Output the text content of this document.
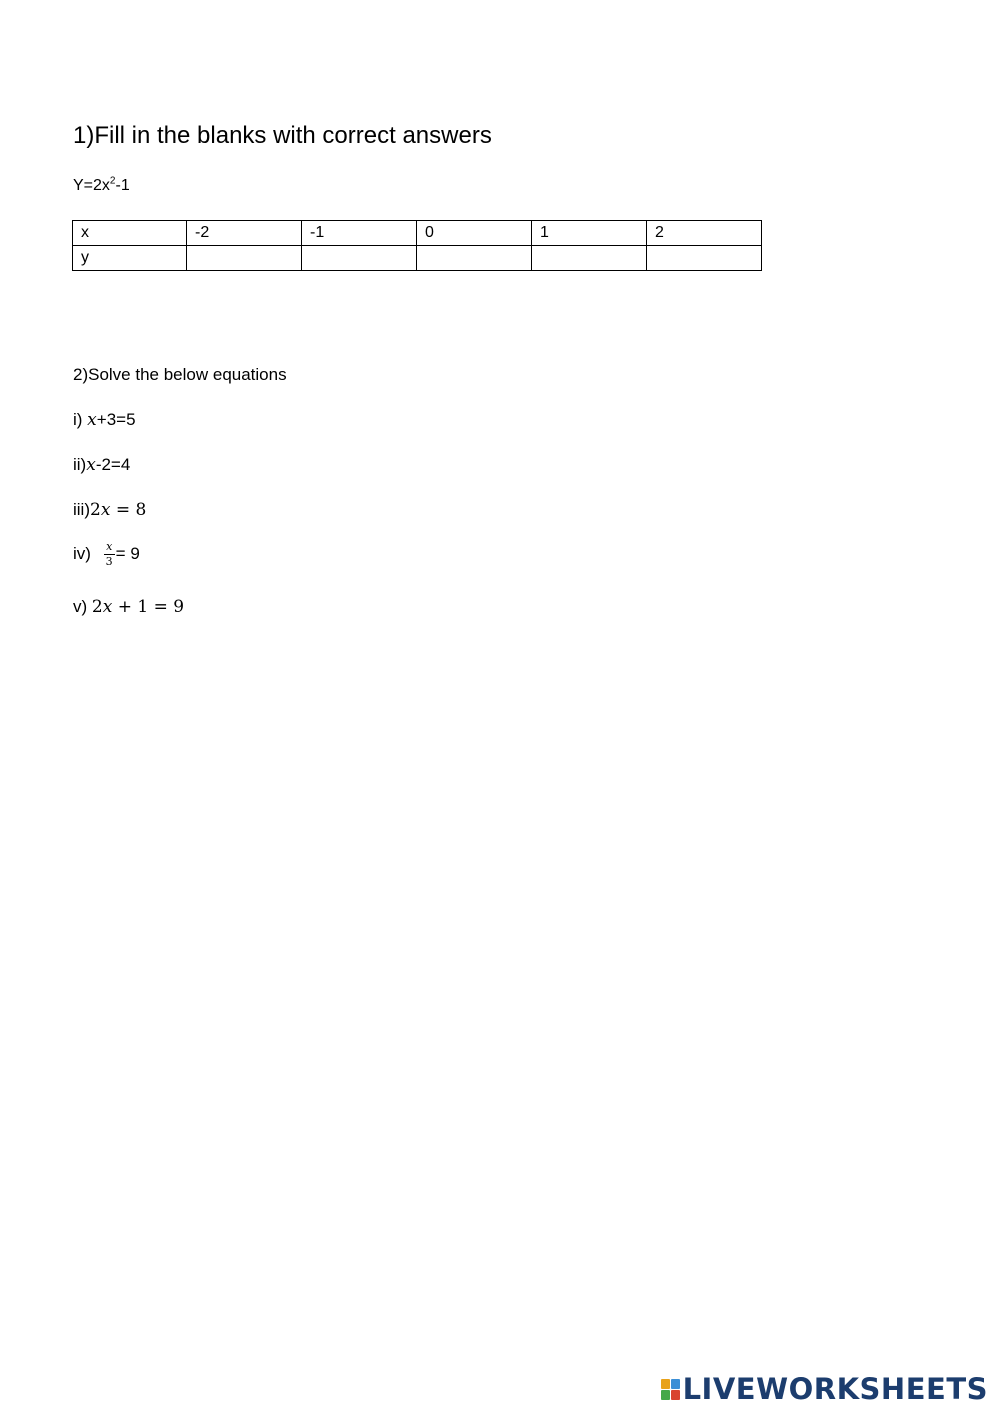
1)Fill in the blanks with correct answers
$Y=2x^2-1$
x	-2	-1	0	1	2
y					
2)Solve the below equations
i) x+3=5
ii)x-2=4
iii)2x = 8
$iv) \frac{x}{3} = 9$
v) 2x + 1 = 9
LIVEWORKSHEETS
